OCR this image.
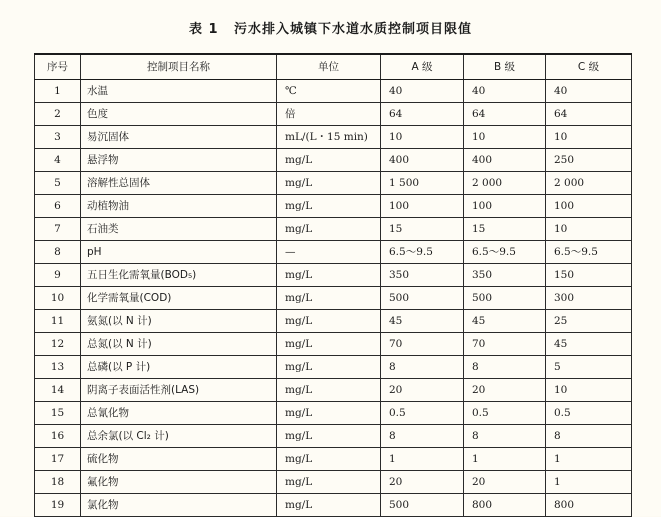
表 1 污水排入城镇下水道水质控制项目限值
序号	控制项目名称	单位	A 级	B 级	C 级
1	水温	℃	40	40	40
2	色度	倍	64	64	64
3	易沉固体	mL/(L・15 min)	10	10	10
4	悬浮物	mg/L	400	400	250
5	溶解性总固体	mg/L	1 500	2 000	2 000
6	动植物油	mg/L	100	100	100
7	石油类	mg/L	15	15	10
8	pH	—	6.5～9.5	6.5～9.5	6.5～9.5
9	五日生化需氧量(BOD₅)	mg/L	350	350	150
10	化学需氧量(COD)	mg/L	500	500	300
11	氨氮(以 N 计)	mg/L	45	45	25
12	总氮(以 N 计)	mg/L	70	70	45
13	总磷(以 P 计)	mg/L	8	8	5
14	阴离子表面活性剂(LAS)	mg/L	20	20	10
15	总氰化物	mg/L	0.5	0.5	0.5
16	总余氯(以 Cl₂ 计)	mg/L	8	8	8
17	硫化物	mg/L	1	1	1
18	氟化物	mg/L	20	20	1
19	氯化物	mg/L	500	800	800
